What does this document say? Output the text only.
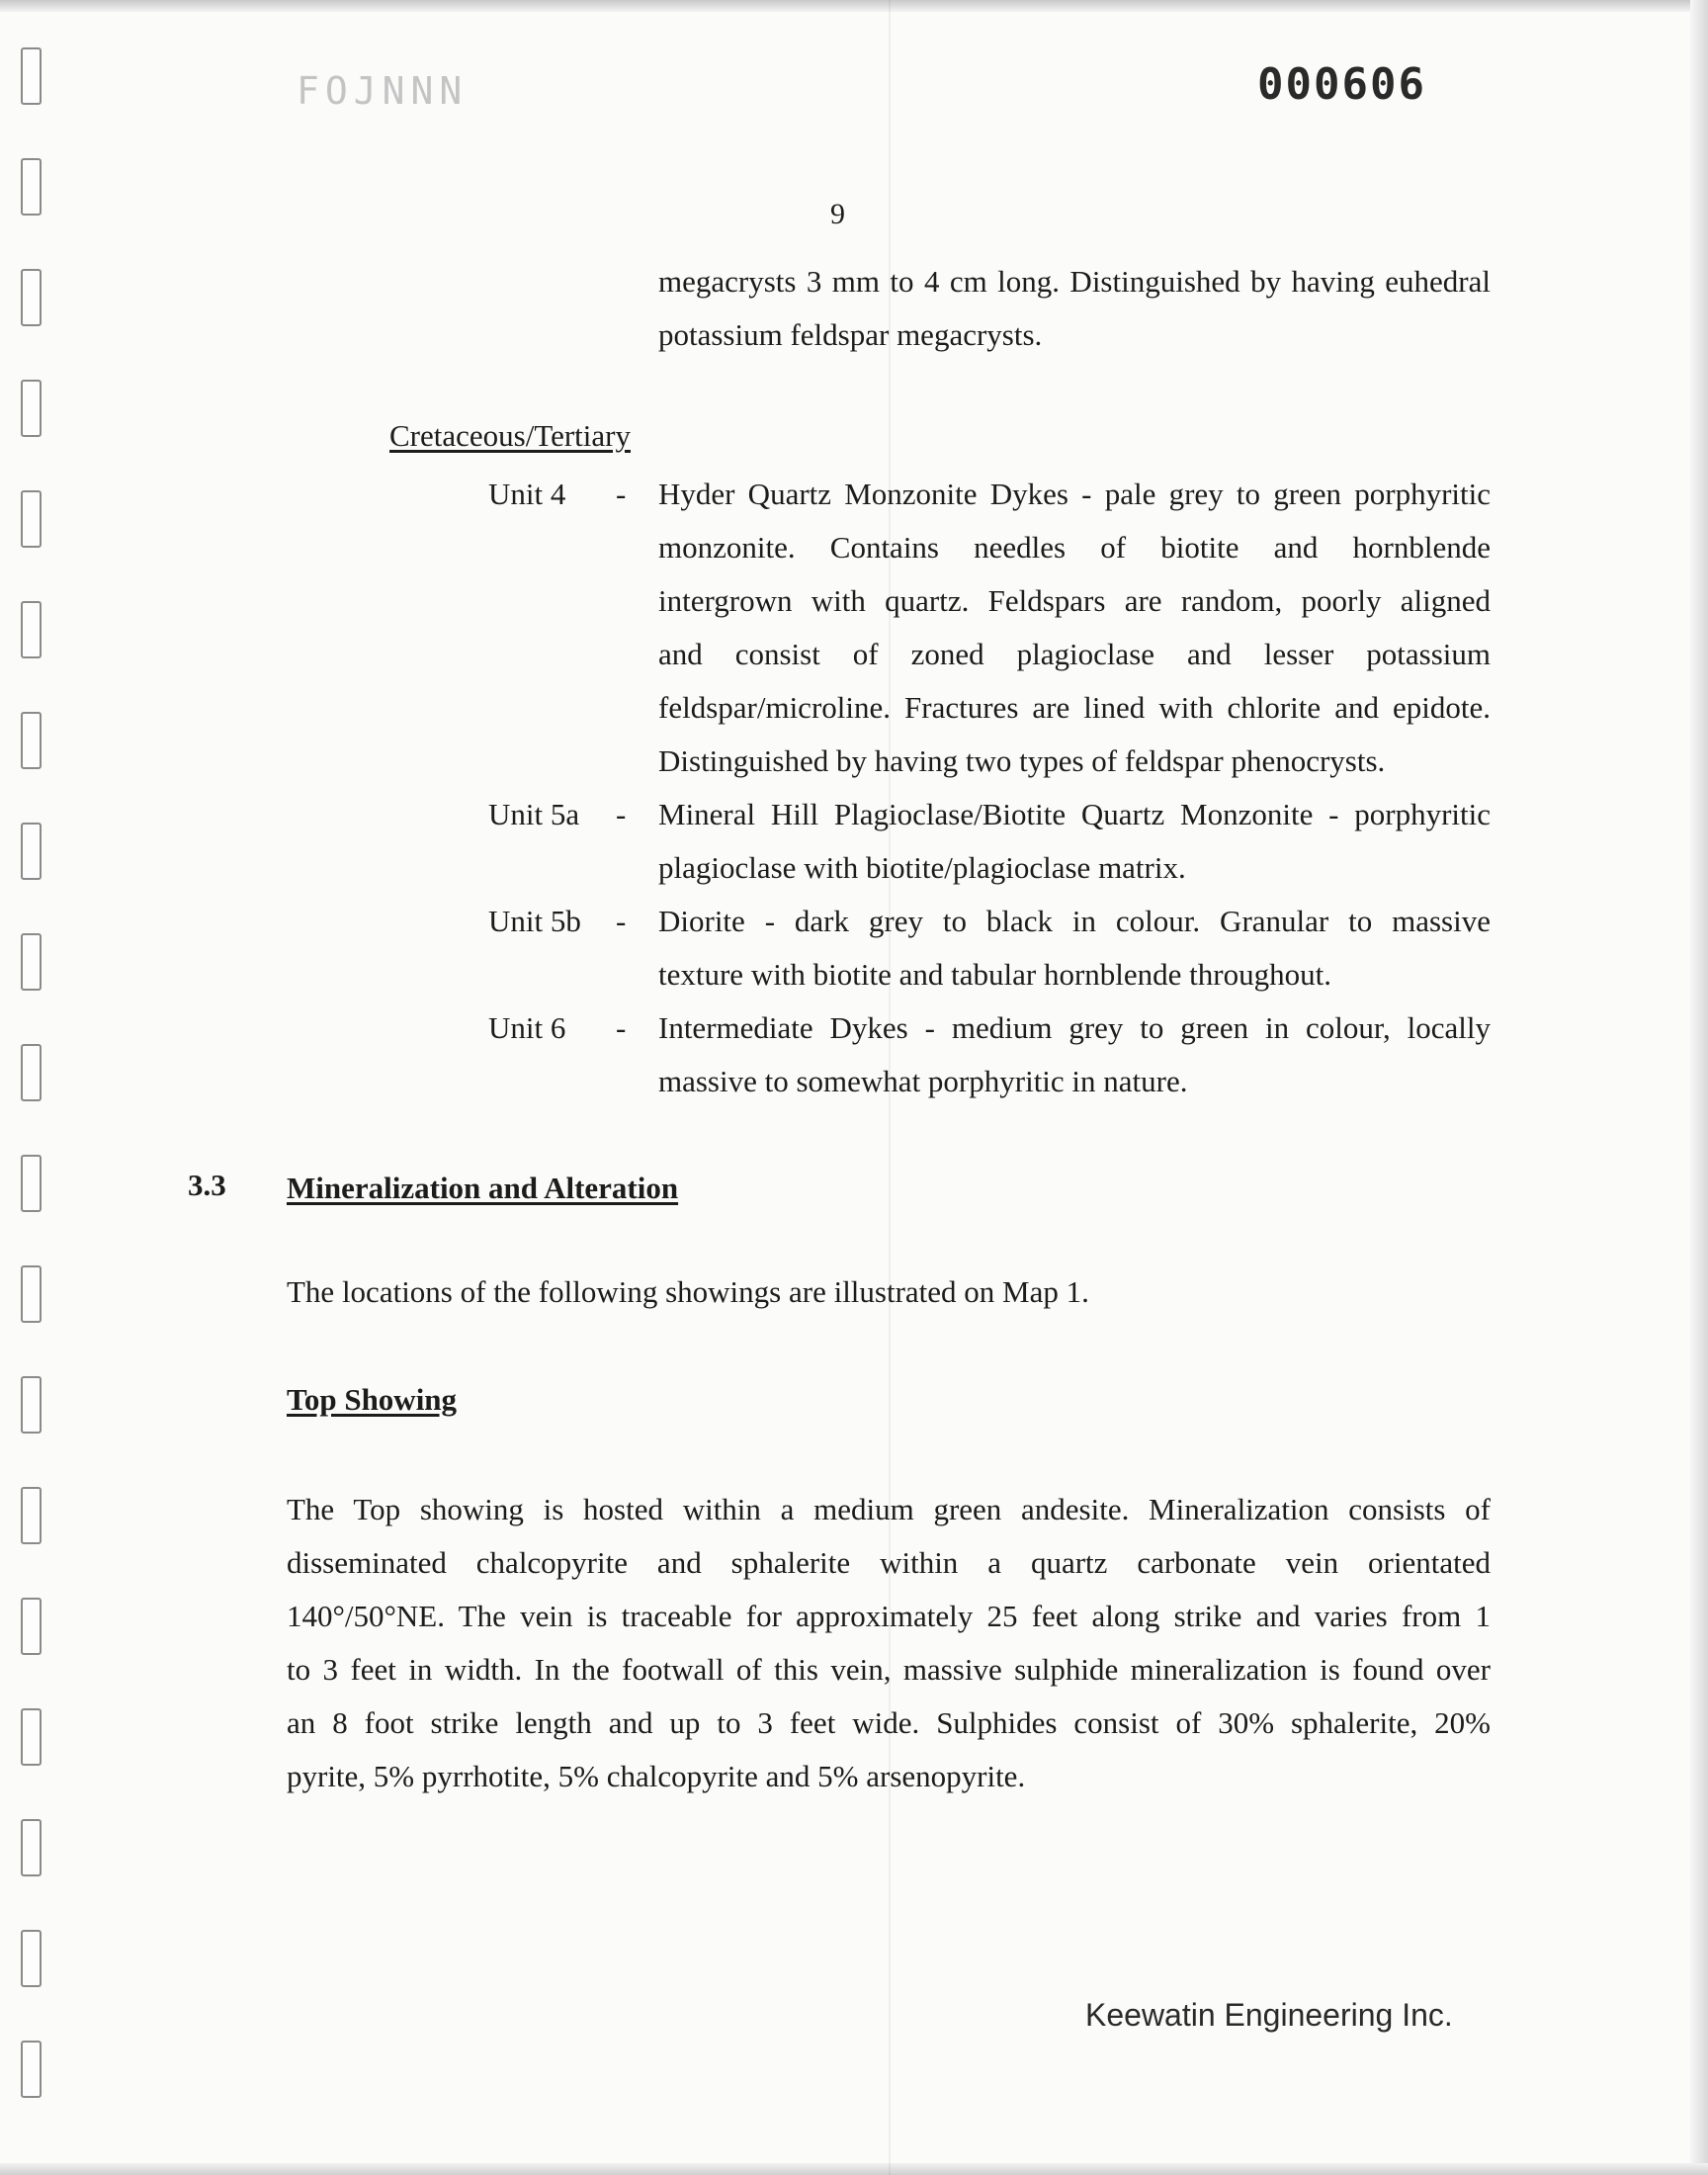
FOJNNN	000606
9
megacrysts 3 mm to 4 cm long. Distinguished by having euhedral
potassium feldspar megacrysts.
Cretaceous/Tertiary
Unit 4 - Hyder Quartz Monzonite Dykes - pale grey to green porphyritic
monzonite. Contains needles of biotite and hornblende
intergrown with quartz. Feldspars are random, poorly aligned
and consist of zoned plagioclase and lesser potassium
feldspar/microline. Fractures are lined with chlorite and epidote.
Distinguished by having two types of feldspar phenocrysts.
Unit 5a - Mineral Hill Plagioclase/Biotite Quartz Monzonite - porphyritic
plagioclase with biotite/plagioclase matrix.
Unit 5b - Diorite - dark grey to black in colour. Granular to massive
texture with biotite and tabular hornblende throughout.
Unit 6 - Intermediate Dykes - medium grey to green in colour, locally
massive to somewhat porphyritic in nature.
3.3 Mineralization and Alteration
The locations of the following showings are illustrated on Map 1.
Top Showing
The Top showing is hosted within a medium green andesite. Mineralization consists of
disseminated chalcopyrite and sphalerite within a quartz carbonate vein orientated
140°/50°NE. The vein is traceable for approximately 25 feet along strike and varies from 1
to 3 feet in width. In the footwall of this vein, massive sulphide mineralization is found over
an 8 foot strike length and up to 3 feet wide. Sulphides consist of 30% sphalerite, 20%
pyrite, 5% pyrrhotite, 5% chalcopyrite and 5% arsenopyrite.
Keewatin Engineering Inc.
